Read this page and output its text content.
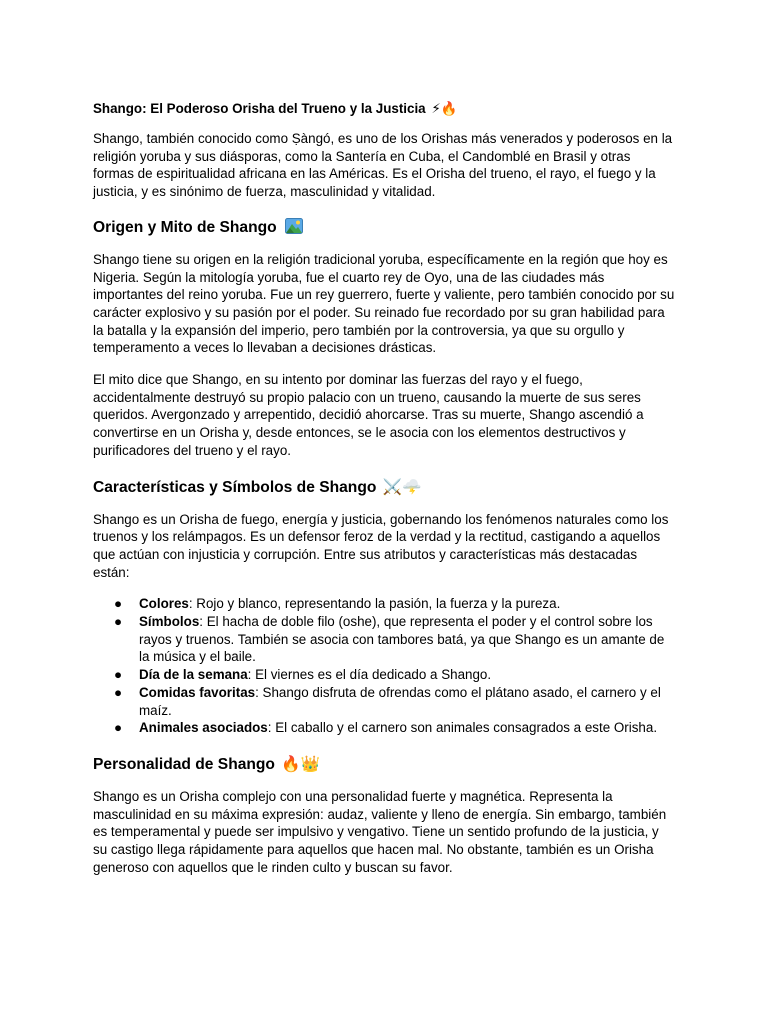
Shango: El Poderoso Orisha del Trueno y la Justicia ⚡🔥

Shango, también conocido como Ṣàngó, es uno de los Orishas más venerados y poderosos en la religión yoruba y sus diásporas, como la Santería en Cuba, el Candomblé en Brasil y otras formas de espiritualidad africana en las Américas. Es el Orisha del trueno, el rayo, el fuego y la justicia, y es sinónimo de fuerza, masculinidad y vitalidad.

Origen y Mito de Shango

Shango tiene su origen en la religión tradicional yoruba, específicamente en la región que hoy es Nigeria. Según la mitología yoruba, fue el cuarto rey de Oyo, una de las ciudades más importantes del reino yoruba. Fue un rey guerrero, fuerte y valiente, pero también conocido por su carácter explosivo y su pasión por el poder. Su reinado fue recordado por su gran habilidad para la batalla y la expansión del imperio, pero también por la controversia, ya que su orgullo y temperamento a veces lo llevaban a decisiones drásticas.

El mito dice que Shango, en su intento por dominar las fuerzas del rayo y el fuego, accidentalmente destruyó su propio palacio con un trueno, causando la muerte de sus seres queridos. Avergonzado y arrepentido, decidió ahorcarse. Tras su muerte, Shango ascendió a convertirse en un Orisha y, desde entonces, se le asocia con los elementos destructivos y purificadores del trueno y el rayo.

Características y Símbolos de Shango ⚔️🌩️

Shango es un Orisha de fuego, energía y justicia, gobernando los fenómenos naturales como los truenos y los relámpagos. Es un defensor feroz de la verdad y la rectitud, castigando a aquellos que actúan con injusticia y corrupción. Entre sus atributos y características más destacadas están:

● Colores: Rojo y blanco, representando la pasión, la fuerza y la pureza.
● Símbolos: El hacha de doble filo (oshe), que representa el poder y el control sobre los rayos y truenos. También se asocia con tambores batá, ya que Shango es un amante de la música y el baile.
● Día de la semana: El viernes es el día dedicado a Shango.
● Comidas favoritas: Shango disfruta de ofrendas como el plátano asado, el carnero y el maíz.
● Animales asociados: El caballo y el carnero son animales consagrados a este Orisha.
Personalidad de Shango 🔥👑

Shango es un Orisha complejo con una personalidad fuerte y magnética. Representa la masculinidad en su máxima expresión: audaz, valiente y lleno de energía. Sin embargo, también es temperamental y puede ser impulsivo y vengativo. Tiene un sentido profundo de la justicia, y su castigo llega rápidamente para aquellos que hacen mal. No obstante, también es un Orisha generoso con aquellos que le rinden culto y buscan su favor.
